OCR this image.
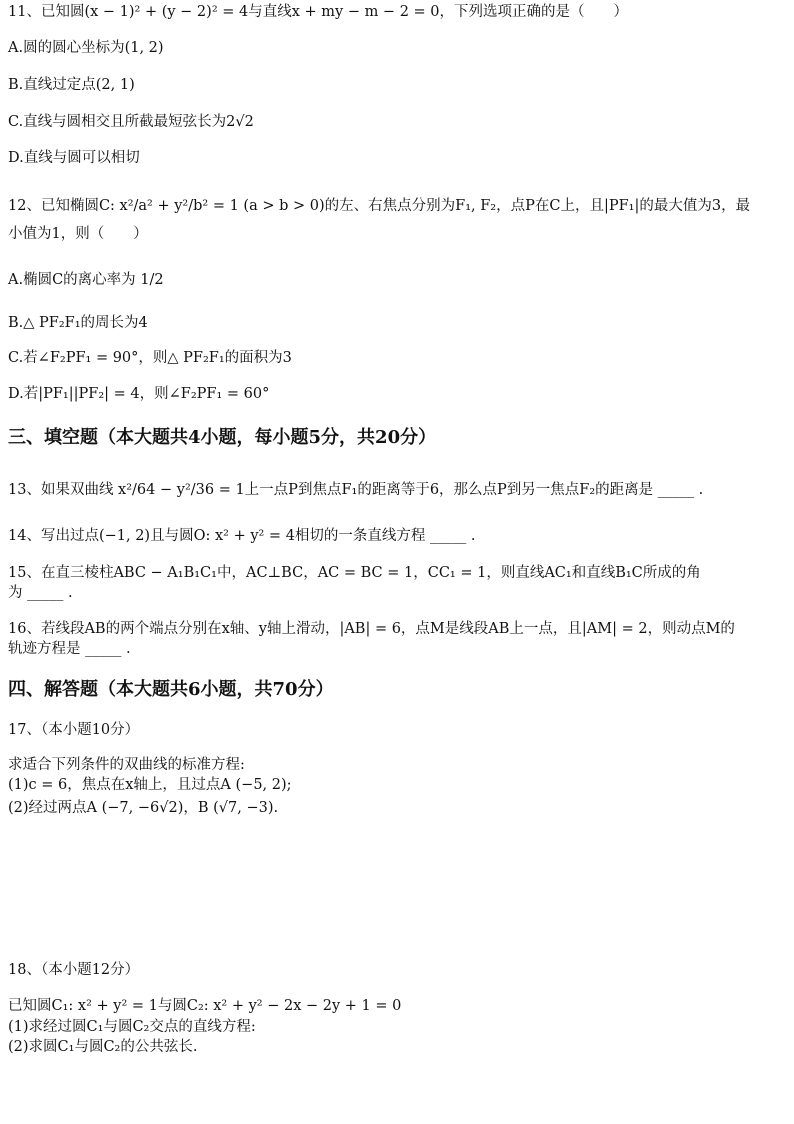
11、已知圆(x − 1)² + (y − 2)² = 4与直线x + my − m − 2 = 0，下列选项正确的是（　　）
A.圆的圆心坐标为(1, 2)
B.直线过定点(2, 1)
C.直线与圆相交且所截最短弦长为2√2
D.直线与圆可以相切
12、已知椭圆C: x²/a² + y²/b² = 1 (a > b > 0)的左、右焦点分别为F₁, F₂，点P在C上，且|PF₁|的最大值为3，最
小值为1，则（　　）
A.椭圆C的离心率为 1/2
B.△ PF₂F₁的周长为4
C.若∠F₂PF₁ = 90°，则△ PF₂F₁的面积为3
D.若|PF₁||PF₂| = 4，则∠F₂PF₁ = 60°
三、填空题（本大题共4小题，每小题5分，共20分）
13、如果双曲线 x²/64 − y²/36 = 1上一点P到焦点F₁的距离等于6，那么点P到另一焦点F₂的距离是 _____ .
14、写出过点(−1, 2)且与圆O: x² + y² = 4相切的一条直线方程 _____ .
15、在直三棱柱ABC − A₁B₁C₁中，AC⊥BC，AC = BC = 1，CC₁ = 1，则直线AC₁和直线B₁C所成的角
为 _____ .
16、若线段AB的两个端点分别在x轴、y轴上滑动，|AB| = 6，点M是线段AB上一点，且|AM| = 2，则动点M的
轨迹方程是 _____ .
四、解答题（本大题共6小题，共70分）
17、（本小题10分）
求适合下列条件的双曲线的标准方程:
(1)c = 6，焦点在x轴上，且过点A (−5, 2);
(2)经过两点A (−7, −6√2)，B (√7, −3).
18、（本小题12分）
已知圆C₁: x² + y² = 1与圆C₂: x² + y² − 2x − 2y + 1 = 0
(1)求经过圆C₁与圆C₂交点的直线方程:
(2)求圆C₁与圆C₂的公共弦长.
